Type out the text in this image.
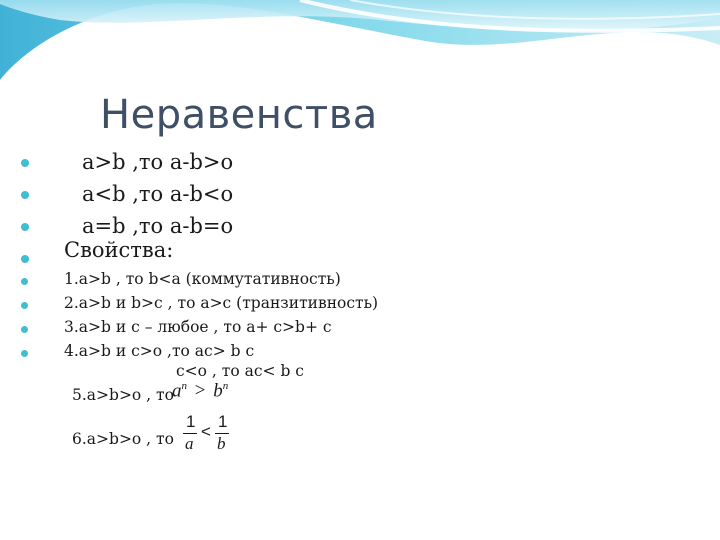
Неравенства
a>b ,то a-b>o
a<b ,то a-b<o
a=b ,то a-b=o
Свойства:
1.a>b , то b<a (коммутативность)
2.a>b и b>c , то a>c (транзитивность)
3.a>b и c – любое , то a+ c>b+ c
4.a>b и c>o ,то ac> b c
c<o , то ac< b c
5.a>b>o , то
$a^n > b^n$
6.a>b>o , то
1
a
<
1
b
